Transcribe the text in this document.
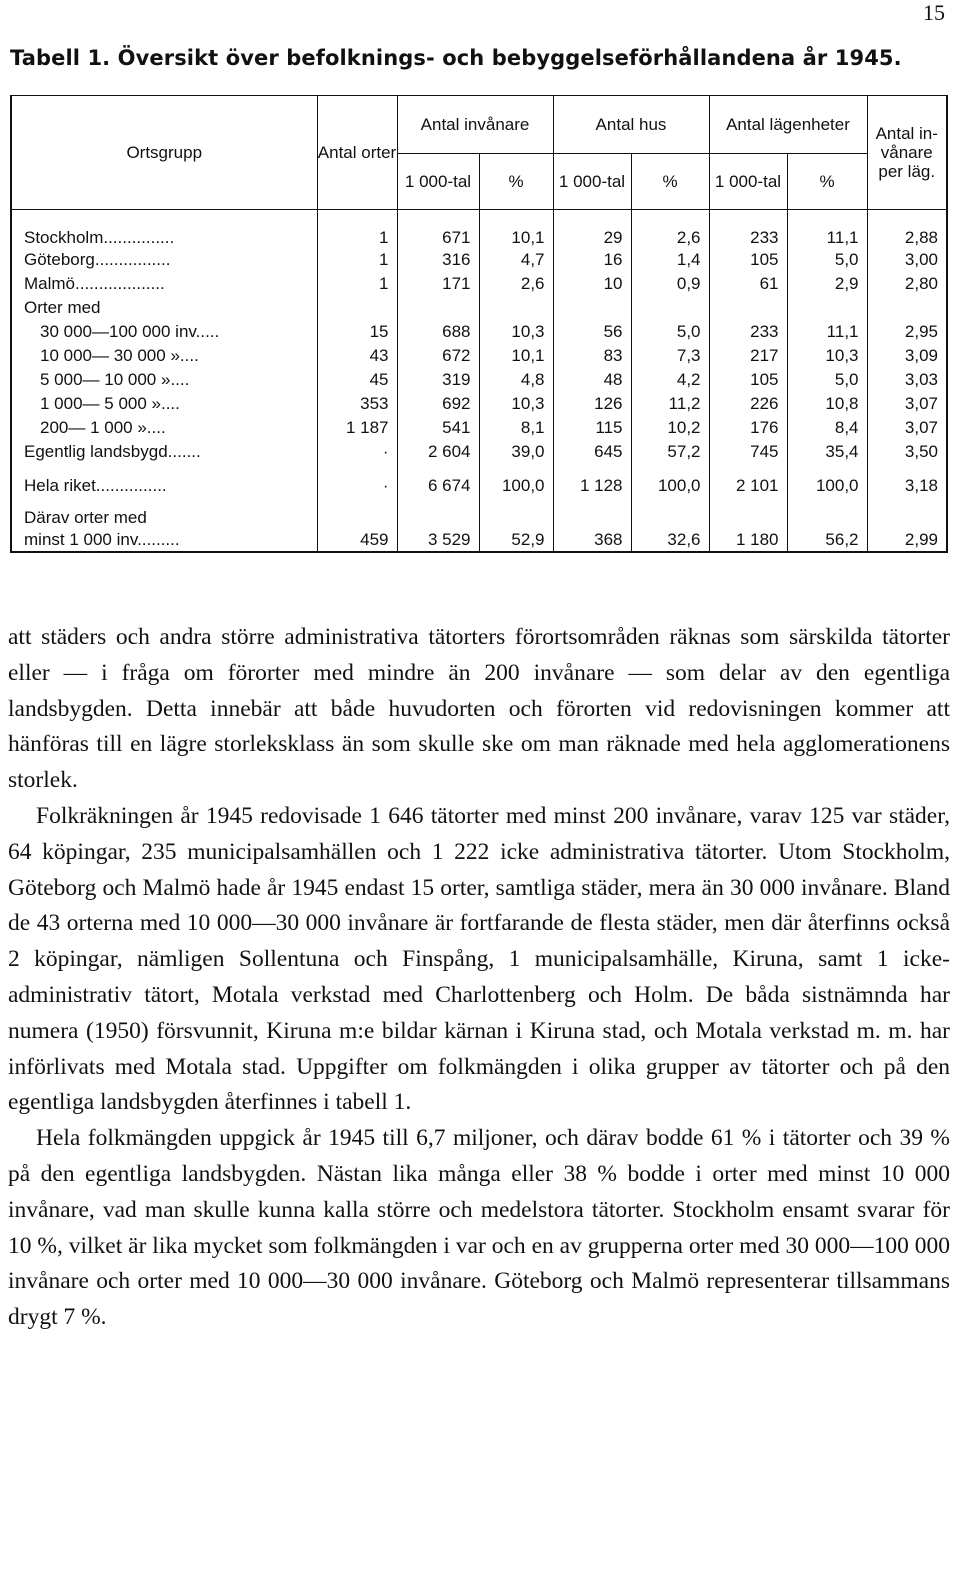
15
Tabell 1. Översikt över befolknings- och bebyggelseförhållandena år 1945.
Ortsgrupp	Antal orter	Antal invånare		Antal hus		Antal lägenheter		Antal in-vånare per läg.
		1 000-tal	%	1 000-tal	%	1 000-tal	%	
Stockholm...............	1	671	10,1	29	2,6	233	11,1	2,88
Göteborg................	1	316	4,7	16	1,4	105	5,0	3,00
Malmö...................	1	171	2,6	10	0,9	61	2,9	2,80
Orter med								
30 000—100 000 inv.....	15	688	10,3	56	5,0	233	11,1	2,95
10 000— 30 000 »....	43	672	10,1	83	7,3	217	10,3	3,09
5 000— 10 000 »....	45	319	4,8	48	4,2	105	5,0	3,03
1 000— 5 000 »....	353	692	10,3	126	11,2	226	10,8	3,07
200— 1 000 »....	1 187	541	8,1	115	10,2	176	8,4	3,07
Egentlig landsbygd.......	·	2 604	39,0	645	57,2	745	35,4	3,50
Hela riket...............	·	6 674	100,0	1 128	100,0	2 101	100,0	3,18
Därav orter med								
minst 1 000 inv.........	459	3 529	52,9	368	32,6	1 180	56,2	2,99

att städers och andra större administrativa tätorters förortsområden räknas som särskilda tätorter eller — i fråga om förorter med mindre än 200 invånare — som delar av den egentliga landsbygden. Detta innebär att både huvudorten och förorten vid redovisningen kommer att hänföras till en lägre storleksklass än som skulle ske om man räknade med hela agglomerationens storlek.

Folkräkningen år 1945 redovisade 1 646 tätorter med minst 200 invånare, varav 125 var städer, 64 köpingar, 235 municipalsamhällen och 1 222 icke administrativa tätorter. Utom Stockholm, Göteborg och Malmö hade år 1945 endast 15 orter, samtliga städer, mera än 30 000 invånare. Bland de 43 orterna med 10 000—30 000 invånare är fortfarande de flesta städer, men där återfinns också 2 köpingar, nämligen Sollentuna och Finspång, 1 municipalsamhälle, Kiruna, samt 1 icke-administrativ tätort, Motala verkstad med Charlottenberg och Holm. De båda sistnämnda har numera (1950) försvunnit, Kiruna m:e bildar kärnan i Kiruna stad, och Motala verkstad m. m. har införlivats med Motala stad. Uppgifter om folkmängden i olika grupper av tätorter och på den egentliga landsbygden återfinnes i tabell 1.

Hela folkmängden uppgick år 1945 till 6,7 miljoner, och därav bodde 61 % i tätorter och 39 % på den egentliga landsbygden. Nästan lika många eller 38 % bodde i orter med minst 10 000 invånare, vad man skulle kunna kalla större och medelstora tätorter. Stockholm ensamt svarar för 10 %, vilket är lika mycket som folkmängden i var och en av grupperna orter med 30 000—100 000 invånare och orter med 10 000—30 000 invånare. Göteborg och Malmö representerar tillsammans drygt 7 %.
